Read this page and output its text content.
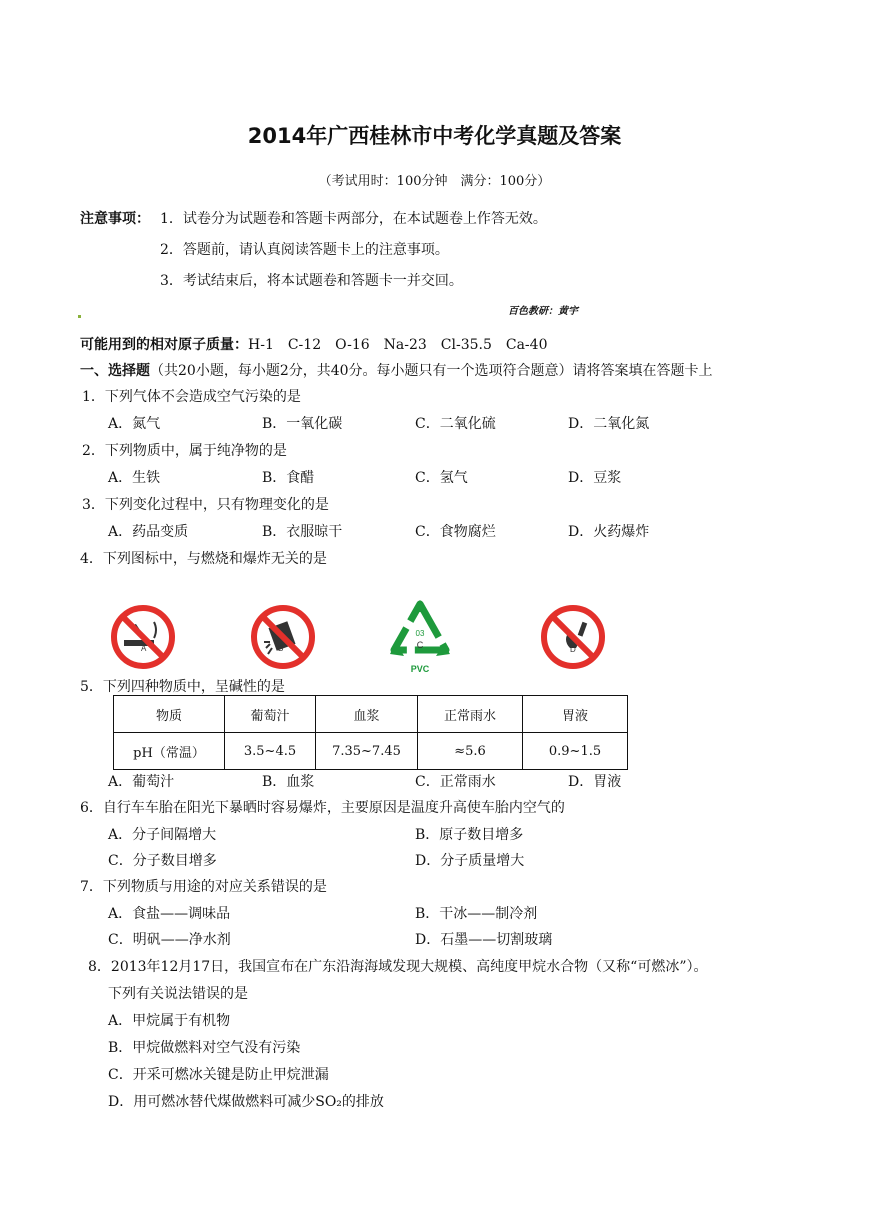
2014年广西桂林市中考化学真题及答案
（考试用时：100分钟　满分：100分）
注意事项： 1．试卷分为试题卷和答题卡两部分，在本试题卷上作答无效。
2．答题前，请认真阅读答题卡上的注意事项。
3．考试结束后，将本试题卷和答题卡一并交回。
百色教研：黄宇
可能用到的相对原子质量：H-1　C-12　O-16　Na-23　Cl-35.5　Ca-40
一、选择题（共20小题，每小题2分，共40分。每小题只有一个选项符合题意）请将答案填在答题卡上
1．下列气体不会造成空气污染的是
A．氮气	B．一氧化碳	C．二氧化硫	D．二氧化氮
2．下列物质中，属于纯净物的是
A．生铁	B．食醋	C．氢气	D．豆浆
3．下列变化过程中，只有物理变化的是
A．药品变质	B．衣服晾干	C．食物腐烂	D．火药爆炸
4．下列图标中，与燃烧和爆炸无关的是
A	B
03
C
PVC
D
5．下列四种物质中，呈碱性的是
物质	葡萄汁	血浆	正常雨水	胃液
pH（常温）	3.5~4.5	7.35~7.45	≈5.6	0.9~1.5
A．葡萄汁	B．血浆	C．正常雨水	D．胃液
6．自行车车胎在阳光下暴晒时容易爆炸，主要原因是温度升高使车胎内空气的
A．分子间隔增大	B．原子数目增多
C．分子数目增多	D．分子质量增大
7．下列物质与用途的对应关系错误的是
A．食盐——调味品	B．干冰——制冷剂
C．明矾——净水剂	D．石墨——切割玻璃
8．2013年12月17日，我国宣布在广东沿海海域发现大规模、高纯度甲烷水合物（又称“可燃冰”）。
下列有关说法错误的是
A．甲烷属于有机物
B．甲烷做燃料对空气没有污染
C．开采可燃冰关键是防止甲烷泄漏
D．用可燃冰替代煤做燃料可减少SO₂的排放
